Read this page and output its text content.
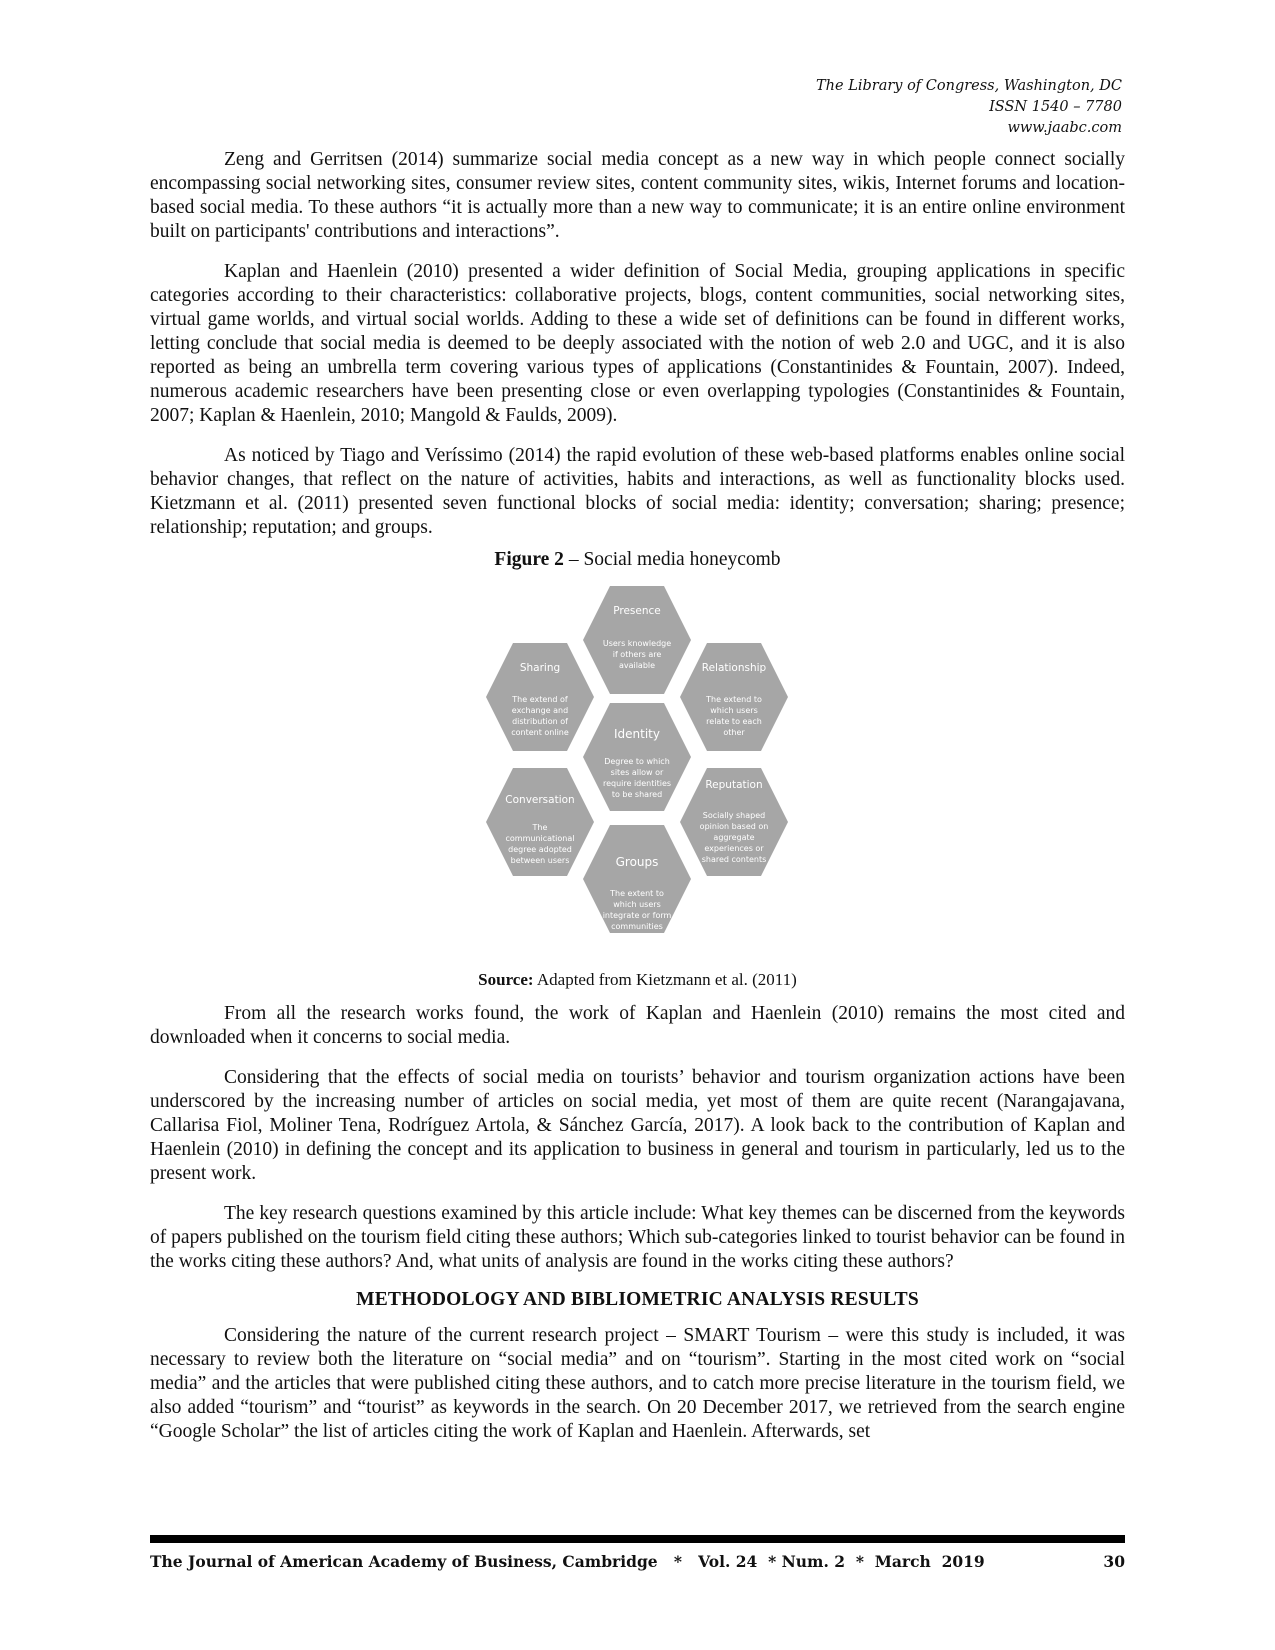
The Library of Congress, Washington, DC
ISSN 1540 – 7780
www.jaabc.com

Zeng and Gerritsen (2014) summarize social media concept as a new way in which people connect socially encompassing social networking sites, consumer review sites, content community sites, wikis, Internet forums and location-based social media. To these authors “it is actually more than a new way to communicate; it is an entire online environment built on participants' contributions and interactions”.

Kaplan and Haenlein (2010) presented a wider definition of Social Media, grouping applications in specific categories according to their characteristics: collaborative projects, blogs, content communities, social networking sites, virtual game worlds, and virtual social worlds. Adding to these a wide set of definitions can be found in different works, letting conclude that social media is deemed to be deeply associated with the notion of web 2.0 and UGC, and it is also reported as being an umbrella term covering various types of applications (Constantinides & Fountain, 2007). Indeed, numerous academic researchers have been presenting close or even overlapping typologies (Constantinides & Fountain, 2007; Kaplan & Haenlein, 2010; Mangold & Faulds, 2009).

As noticed by Tiago and Veríssimo (2014) the rapid evolution of these web-based platforms enables online social behavior changes, that reflect on the nature of activities, habits and interactions, as well as functionality blocks used. Kietzmann et al. (2011) presented seven functional blocks of social media: identity; conversation; sharing; presence; relationship; reputation; and groups.

Figure 2 – Social media honeycomb
Presence
Users knowledge
if others are
available
Sharing
The extend of
exchange and
distribution of
content online
Relationship
The extend to
which users
relate to each
other
Identity
Degree to which
sites allow or
require identities
to be shared
Conversation
The
communicational
degree adopted
between users
Reputation
Socially shaped
opinion based on
aggregate
experiences or
shared contents
Groups
The extent to
which users
integrate or form
communities
Source: Adapted from Kietzmann et al. (2011)

From all the research works found, the work of Kaplan and Haenlein (2010) remains the most cited and downloaded when it concerns to social media.

Considering that the effects of social media on tourists’ behavior and tourism organization actions have been underscored by the increasing number of articles on social media, yet most of them are quite recent (Narangajavana, Callarisa Fiol, Moliner Tena, Rodríguez Artola, & Sánchez García, 2017). A look back to the contribution of Kaplan and Haenlein (2010) in defining the concept and its application to business in general and tourism in particularly, led us to the present work.

The key research questions examined by this article include: What key themes can be discerned from the keywords of papers published on the tourism field citing these authors; Which sub-categories linked to tourist behavior can be found in the works citing these authors? And, what units of analysis are found in the works citing these authors?

METHODOLOGY AND BIBLIOMETRIC ANALYSIS RESULTS

Considering the nature of the current research project – SMART Tourism – were this study is included, it was necessary to review both the literature on “social media” and on “tourism”. Starting in the most cited work on “social media” and the articles that were published citing these authors, and to catch more precise literature in the tourism field, we also added “tourism” and “tourist” as keywords in the search. On 20 December 2017, we retrieved from the search engine “Google Scholar” the list of articles citing the work of Kaplan and Haenlein. Afterwards, set

The Journal of American Academy of Business, Cambridge   *   Vol. 24  * Num. 2  *  March  2019	30
